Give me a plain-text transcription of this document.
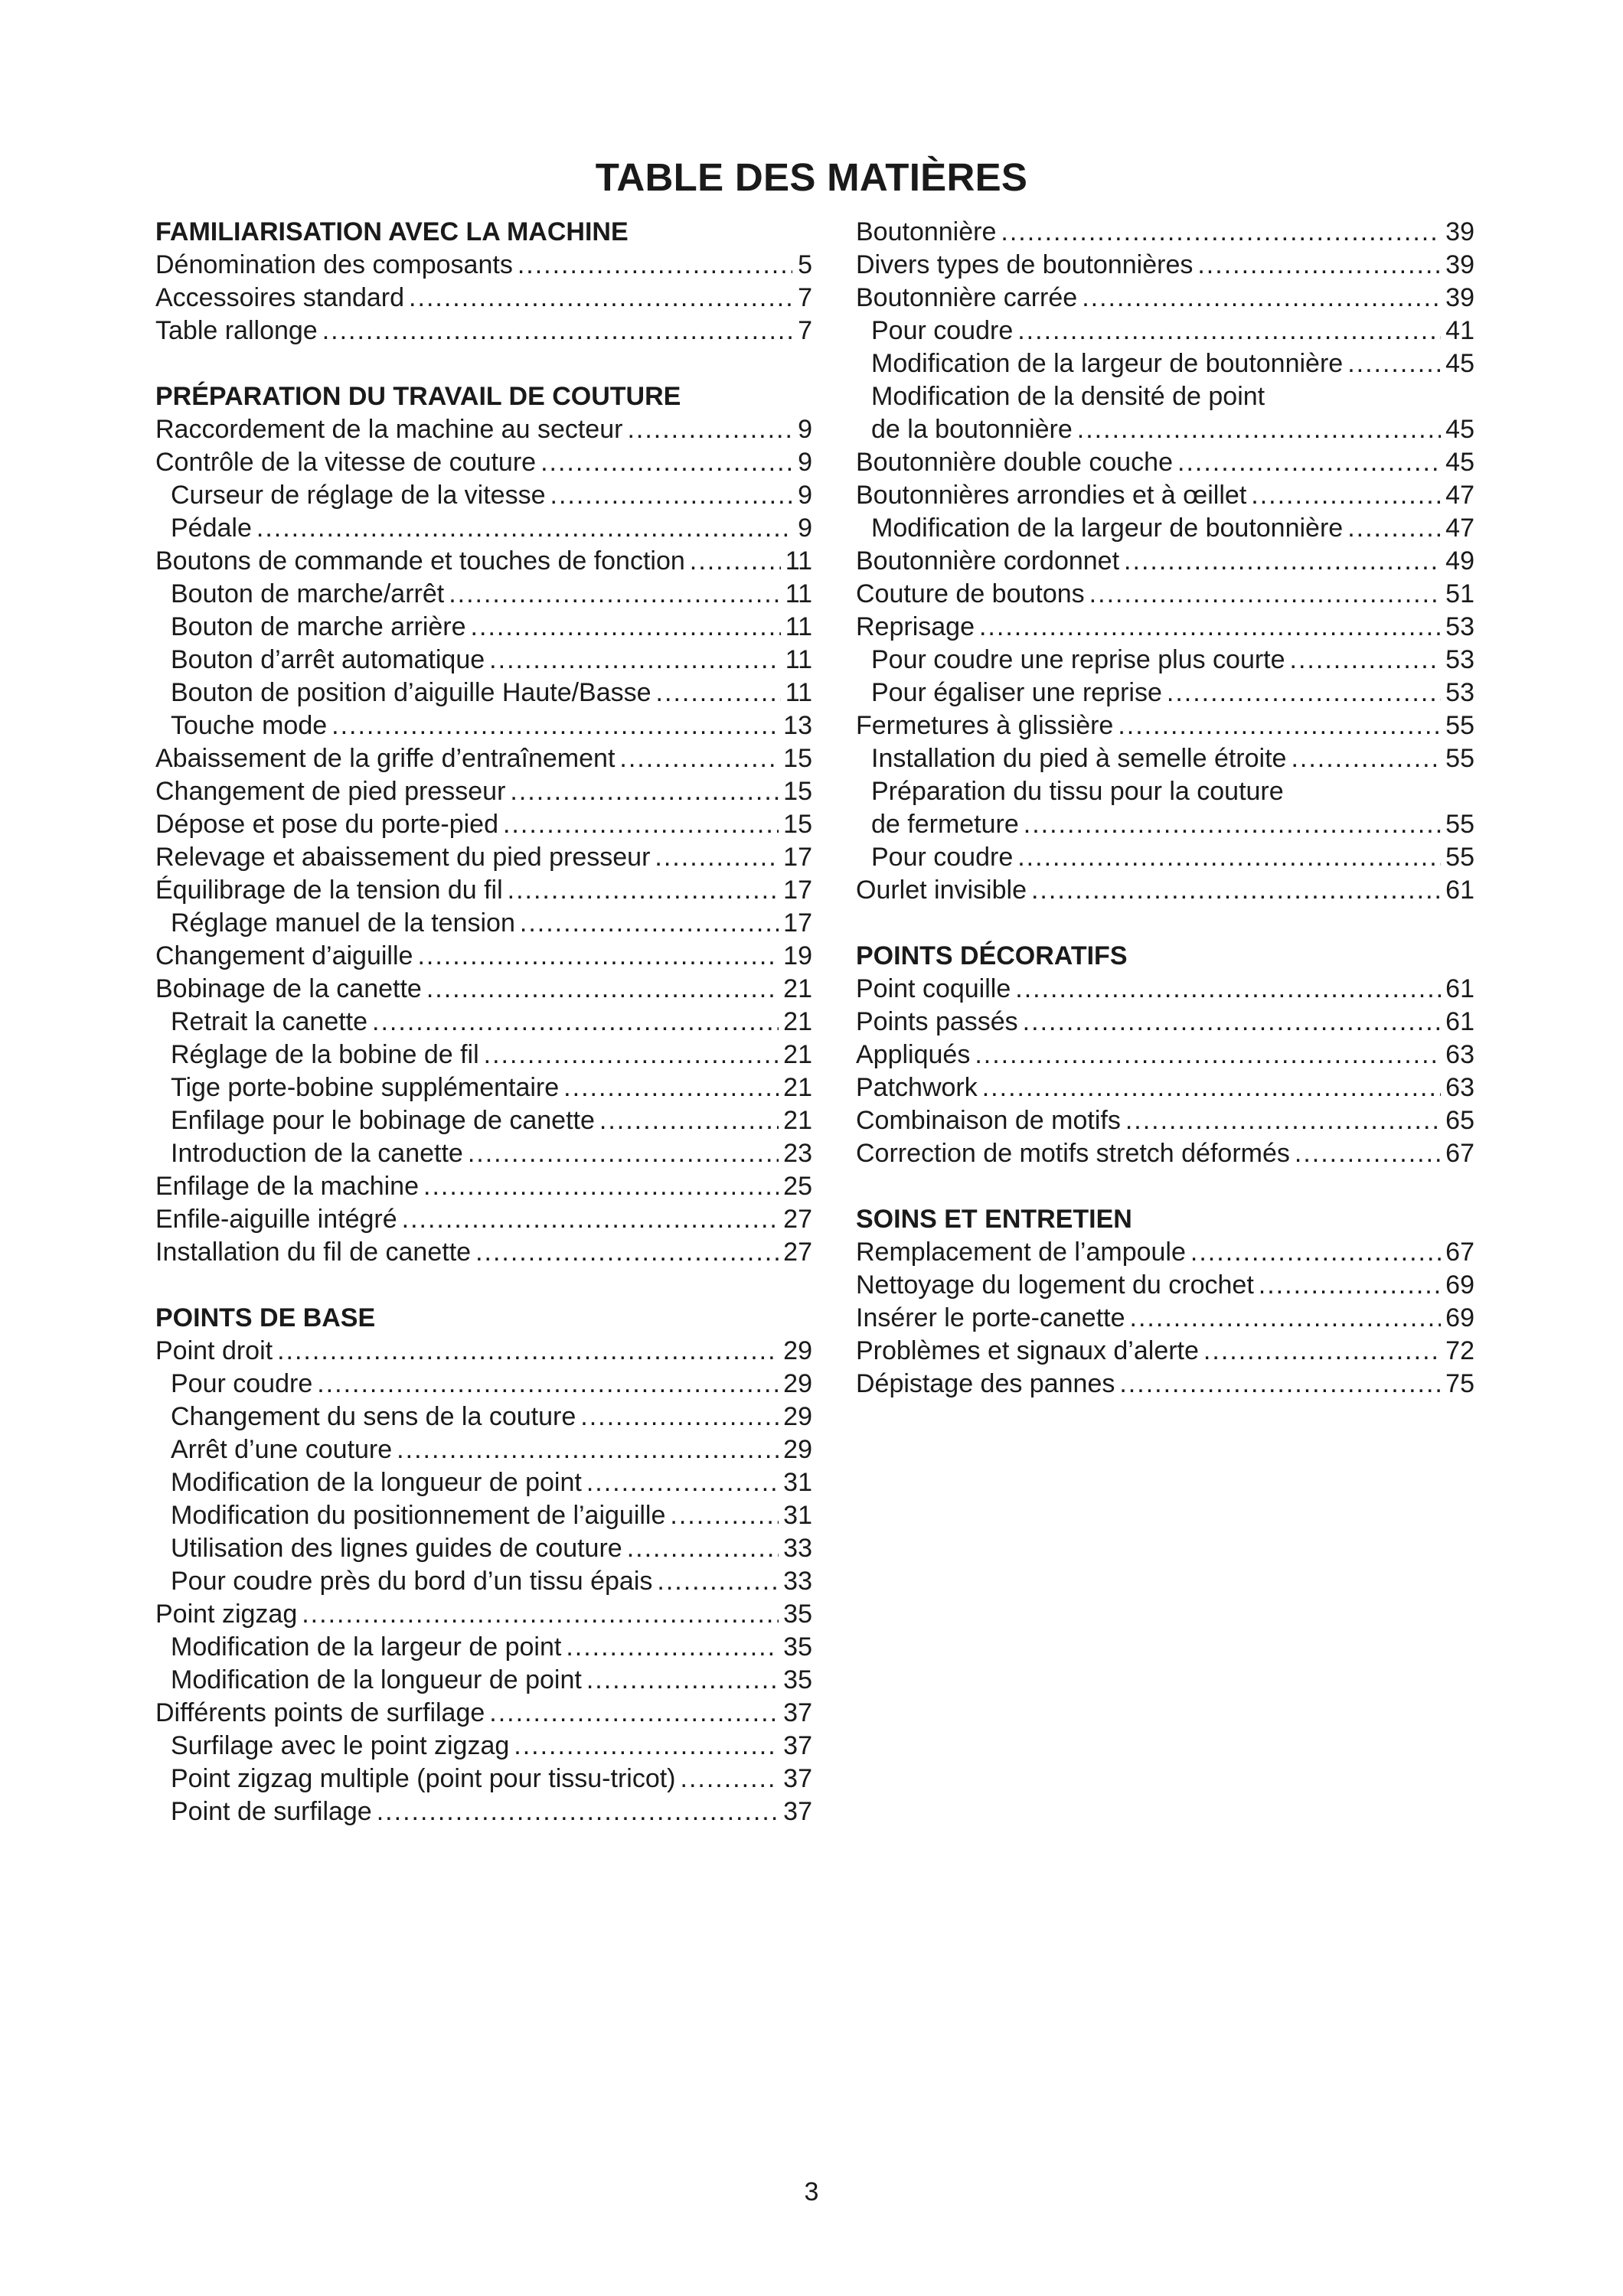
TABLE DES MATIÈRES
FAMILIARISATION AVEC LA MACHINE
Dénomination des composants .....	5
Accessoires standard .....	7
Table rallonge .....	7
PRÉPARATION DU TRAVAIL DE COUTURE
Raccordement de la machine au secteur .....	9
Contrôle de la vitesse de couture .....	9
Curseur de réglage de la vitesse .....	9
Pédale .....	9
Boutons de commande et touches de fonction .....	11
Bouton de marche/arrêt .....	11
Bouton de marche arrière .....	11
Bouton d’arrêt automatique .....	11
Bouton de position d’aiguille Haute/Basse .....	11
Touche mode .....	13
Abaissement de la griffe d’entraînement .....	15
Changement de pied presseur .....	15
Dépose et pose du porte-pied .....	15
Relevage et abaissement du pied presseur .....	17
Équilibrage de la tension du fil .....	17
Réglage manuel de la tension .....	17
Changement d’aiguille .....	19
Bobinage de la canette .....	21
Retrait la canette .....	21
Réglage de la bobine de fil .....	21
Tige porte-bobine supplémentaire .....	21
Enfilage pour le bobinage de canette .....	21
Introduction de la canette .....	23
Enfilage de la machine .....	25
Enfile-aiguille intégré .....	27
Installation du fil de canette .....	27
POINTS DE BASE
Point droit .....	29
Pour coudre .....	29
Changement du sens de la couture .....	29
Arrêt d’une couture .....	29
Modification de la longueur de point .....	31
Modification du positionnement de l’aiguille .....	31
Utilisation des lignes guides de couture .....	33
Pour coudre près du bord d’un tissu épais .....	33
Point zigzag .....	35
Modification de la largeur de point .....	35
Modification de la longueur de point .....	35
Différents points de surfilage .....	37
Surfilage avec le point zigzag .....	37
Point zigzag multiple (point pour tissu-tricot) .....	37
Point de surfilage .....	37
Boutonnière .....	39
Divers types de boutonnières .....	39
Boutonnière carrée .....	39
Pour coudre .....	41
Modification de la largeur de boutonnière .....	45
Modification de la densité de point
de la boutonnière .....	45
Boutonnière double couche .....	45
Boutonnières arrondies et à œillet .....	47
Modification de la largeur de boutonnière .....	47
Boutonnière cordonnet .....	49
Couture de boutons .....	51
Reprisage .....	53
Pour coudre une reprise plus courte .....	53
Pour égaliser une reprise .....	53
Fermetures à glissière .....	55
Installation du pied à semelle étroite .....	55
Préparation du tissu pour la couture
de fermeture .....	55
Pour coudre .....	55
Ourlet invisible .....	61
POINTS DÉCORATIFS
Point coquille .....	61
Points passés .....	61
Appliqués .....	63
Patchwork .....	63
Combinaison de motifs .....	65
Correction de motifs stretch déformés .....	67
SOINS ET ENTRETIEN
Remplacement de l’ampoule .....	67
Nettoyage du logement du crochet .....	69
Insérer le porte-canette .....	69
Problèmes et signaux d’alerte .....	72
Dépistage des pannes .....	75
3
